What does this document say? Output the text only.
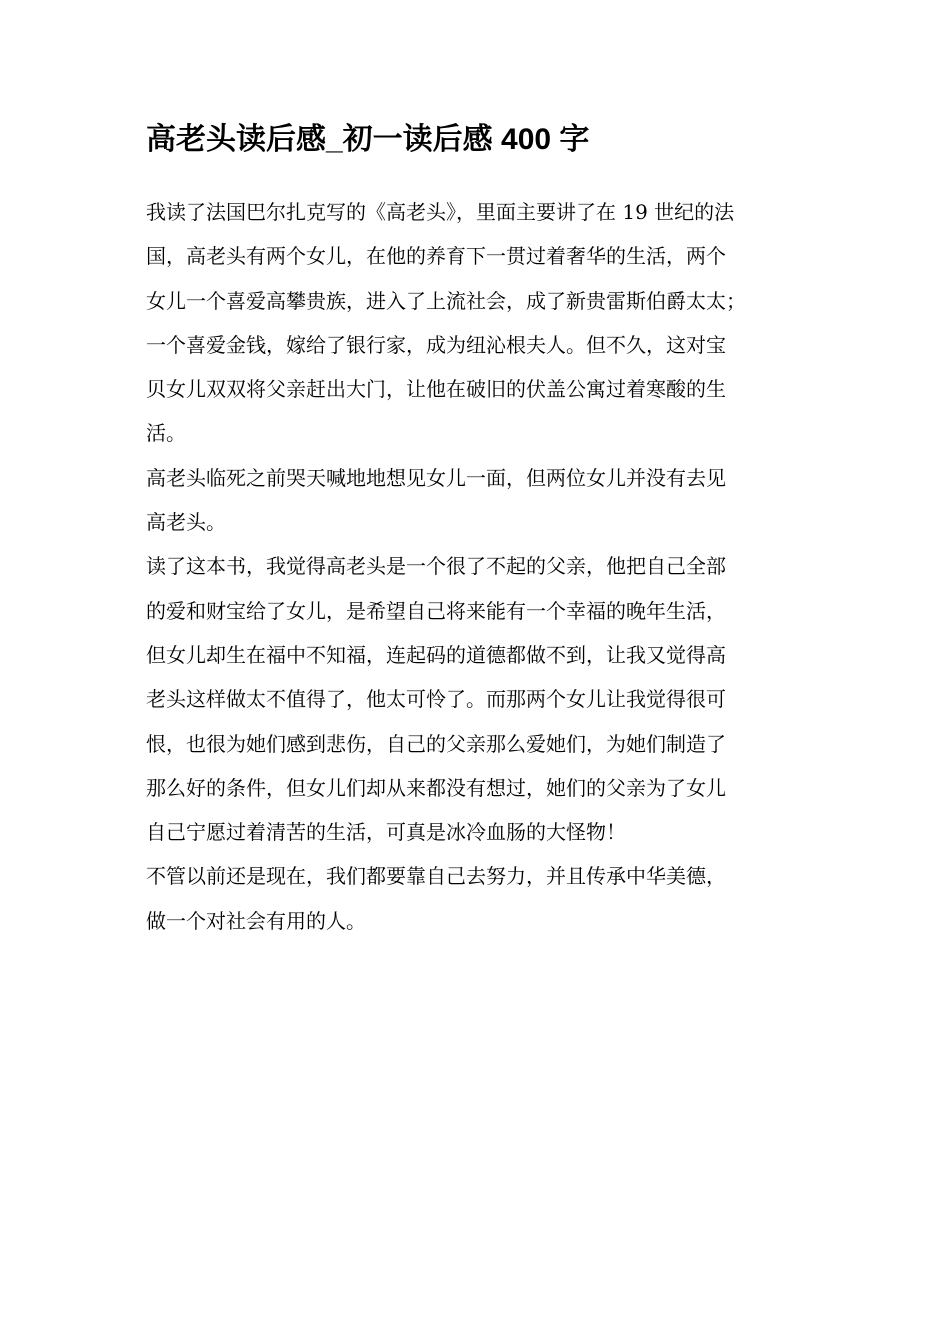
高老头读后感_初一读后感 400 字
我读了法国巴尔扎克写的《高老头》，里面主要讲了在 19 世纪的法
国，高老头有两个女儿，在他的养育下一贯过着奢华的生活，两个
女儿一个喜爱高攀贵族，进入了上流社会，成了新贵雷斯伯爵太太；
一个喜爱金钱，嫁给了银行家，成为纽沁根夫人。但不久，这对宝
贝女儿双双将父亲赶出大门，让他在破旧的伏盖公寓过着寒酸的生
活。
高老头临死之前哭天喊地地想见女儿一面，但两位女儿并没有去见
高老头。
读了这本书，我觉得高老头是一个很了不起的父亲，他把自己全部
的爱和财宝给了女儿，是希望自己将来能有一个幸福的晚年生活，
但女儿却生在福中不知福，连起码的道德都做不到，让我又觉得高
老头这样做太不值得了，他太可怜了。而那两个女儿让我觉得很可
恨，也很为她们感到悲伤，自己的父亲那么爱她们，为她们制造了
那么好的条件，但女儿们却从来都没有想过，她们的父亲为了女儿
自己宁愿过着清苦的生活，可真是冰冷血肠的大怪物！
不管以前还是现在，我们都要靠自己去努力，并且传承中华美德，
做一个对社会有用的人。
